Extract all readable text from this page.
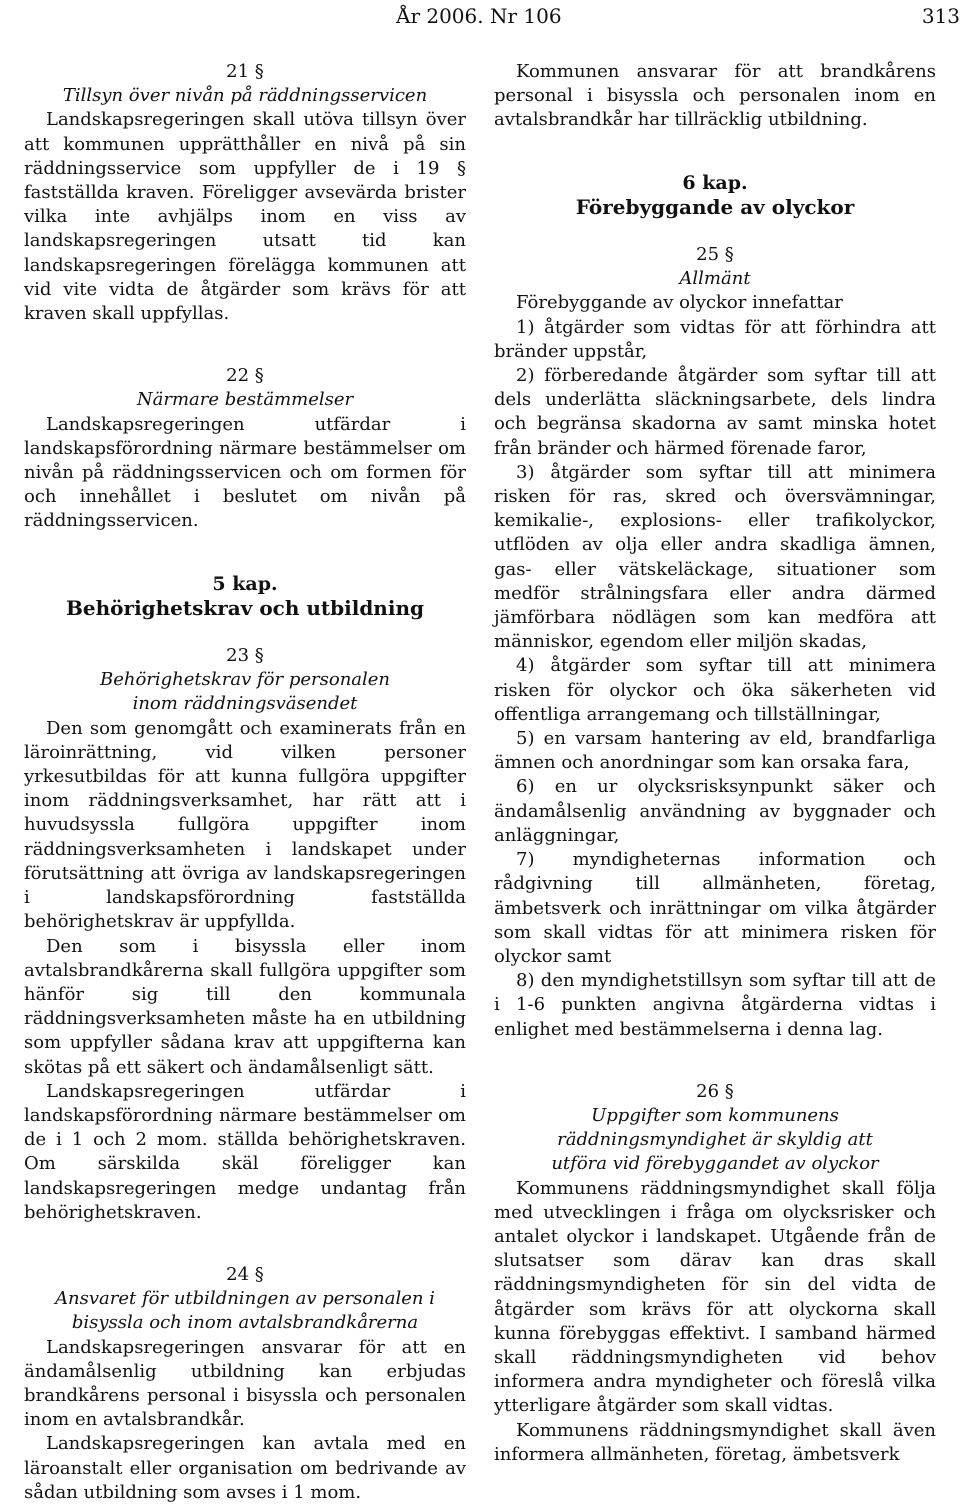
År 2006. Nr 106	313

21 §

Tillsyn över nivån på räddningsservicen

Landskapsregeringen skall utöva tillsyn över att kommunen upprätthåller en nivå på sin räddningsservice som uppfyller de i 19 § fastställda kraven. Föreligger avsevärda brister vilka inte avhjälps inom en viss av landskapsregeringen utsatt tid kan landskapsregeringen förelägga kommunen att vid vite vidta de åtgärder som krävs för att kraven skall uppfyllas.

22 §

Närmare bestämmelser

Landskapsregeringen utfärdar i landskapsförordning närmare bestämmelser om nivån på räddningsservicen och om formen för och innehållet i beslutet om nivån på räddningsservicen.

5 kap.

Behörighetskrav och utbildning

23 §

Behörighetskrav för personalen

inom räddningsväsendet

Den som genomgått och examinerats från en läroinrättning, vid vilken personer yrkesutbildas för att kunna fullgöra uppgifter inom räddningsverksamhet, har rätt att i huvudsyssla fullgöra uppgifter inom räddningsverksamheten i landskapet under förutsättning att övriga av landskapsregeringen i landskapsförordning fastställda behörighetskrav är uppfyllda.

Den som i bisyssla eller inom avtalsbrandkårerna skall fullgöra uppgifter som hänför sig till den kommunala räddningsverksamheten måste ha en utbildning som uppfyller sådana krav att uppgifterna kan skötas på ett säkert och ändamålsenligt sätt.

Landskapsregeringen utfärdar i landskapsförordning närmare bestämmelser om de i 1 och 2 mom. ställda behörighetskraven. Om särskilda skäl föreligger kan landskapsregeringen medge undantag från behörighetskraven.

24 §

Ansvaret för utbildningen av personalen i

bisyssla och inom avtalsbrandkårerna

Landskapsregeringen ansvarar för att en ändamålsenlig utbildning kan erbjudas brandkårens personal i bisyssla och personalen inom en avtalsbrandkår.

Landskapsregeringen kan avtala med en läroanstalt eller organisation om bedrivande av sådan utbildning som avses i 1 mom.

Kommunen ansvarar för att brandkårens personal i bisyssla och personalen inom en avtalsbrandkår har tillräcklig utbildning.

6 kap.

Förebyggande av olyckor

25 §

Allmänt

Förebyggande av olyckor innefattar

1) åtgärder som vidtas för att förhindra att bränder uppstår,

2) förberedande åtgärder som syftar till att dels underlätta släckningsarbete, dels lindra och begränsa skadorna av samt minska hotet från bränder och härmed förenade faror,

3) åtgärder som syftar till att minimera risken för ras, skred och översvämningar, kemikalie-, explosions- eller trafikolyckor, utflöden av olja eller andra skadliga ämnen, gas- eller vätskeläckage, situationer som medför strålningsfara eller andra därmed jämförbara nödlägen som kan medföra att människor, egendom eller miljön skadas,

4) åtgärder som syftar till att minimera risken för olyckor och öka säkerheten vid offentliga arrangemang och tillställningar,

5) en varsam hantering av eld, brandfarliga ämnen och anordningar som kan orsaka fara,

6) en ur olycksrisksynpunkt säker och ändamålsenlig användning av byggnader och anläggningar,

7) myndigheternas information och rådgivning till allmänheten, företag, ämbetsverk och inrättningar om vilka åtgärder som skall vidtas för att minimera risken för olyckor samt

8) den myndighetstillsyn som syftar till att de i 1-6 punkten angivna åtgärderna vidtas i enlighet med bestämmelserna i denna lag.

26 §

Uppgifter som kommunens

räddningsmyndighet är skyldig att

utföra vid förebyggandet av olyckor

Kommunens räddningsmyndighet skall följa med utvecklingen i fråga om olycksrisker och antalet olyckor i landskapet. Utgående från de slutsatser som därav kan dras skall räddningsmyndigheten för sin del vidta de åtgärder som krävs för att olyckorna skall kunna förebyggas effektivt. I samband härmed skall räddningsmyndigheten vid behov informera andra myndigheter och föreslå vilka ytterligare åtgärder som skall vidtas.

Kommunens räddningsmyndighet skall även informera allmänheten, företag, ämbetsverk
